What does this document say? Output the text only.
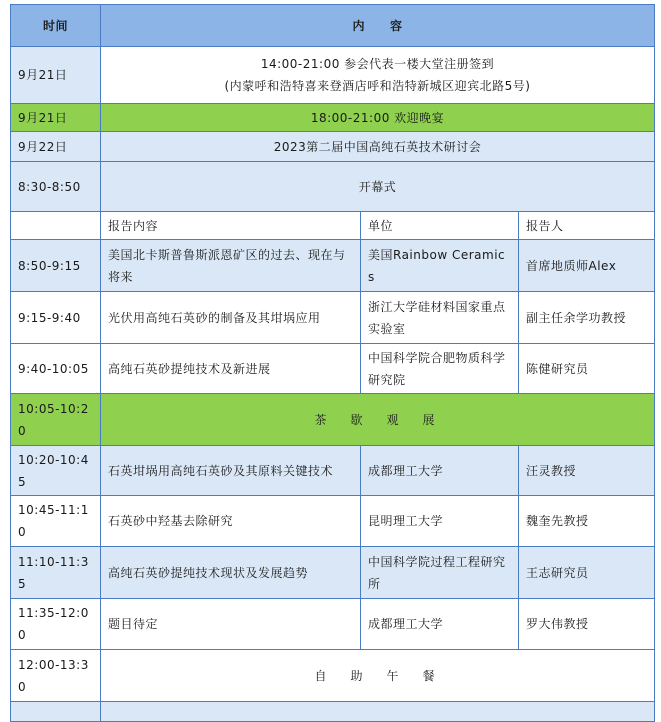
时间	内　　容		
9月21日	14:00-21:00 参会代表一楼大堂注册签到
(内蒙呼和浩特喜来登酒店呼和浩特新城区迎宾北路5号)		

9月21日	18:00-21:00 欢迎晚宴		
9月22日	2023第二届中国高纯石英技术研讨会		
8:30-8:50	开幕式		
	报告内容	单位	报告人
8:50-9:15	美国北卡斯普鲁斯派恩矿区的过去、现在与将来	美国Rainbow Ceramics	首席地质师Alex
9:15-9:40	光伏用高纯石英砂的制备及其坩埚应用	浙江大学硅材料国家重点实验室	副主任余学功教授
9:40-10:05	高纯石英砂提纯技术及新进展	中国科学院合肥物质科学研究院	陈健研究员
10:05-10:20	茶　歇　观　展		
10:20-10:45	石英坩埚用高纯石英砂及其原料关键技术	成都理工大学	汪灵教授
10:45-11:10	石英砂中羟基去除研究	昆明理工大学	魏奎先教授
11:10-11:35	高纯石英砂提纯技术现状及发展趋势	中国科学院过程工程研究所	王志研究员
11:35-12:00	题目待定	成都理工大学	罗大伟教授
12:00-13:30	自　助　午　餐		
